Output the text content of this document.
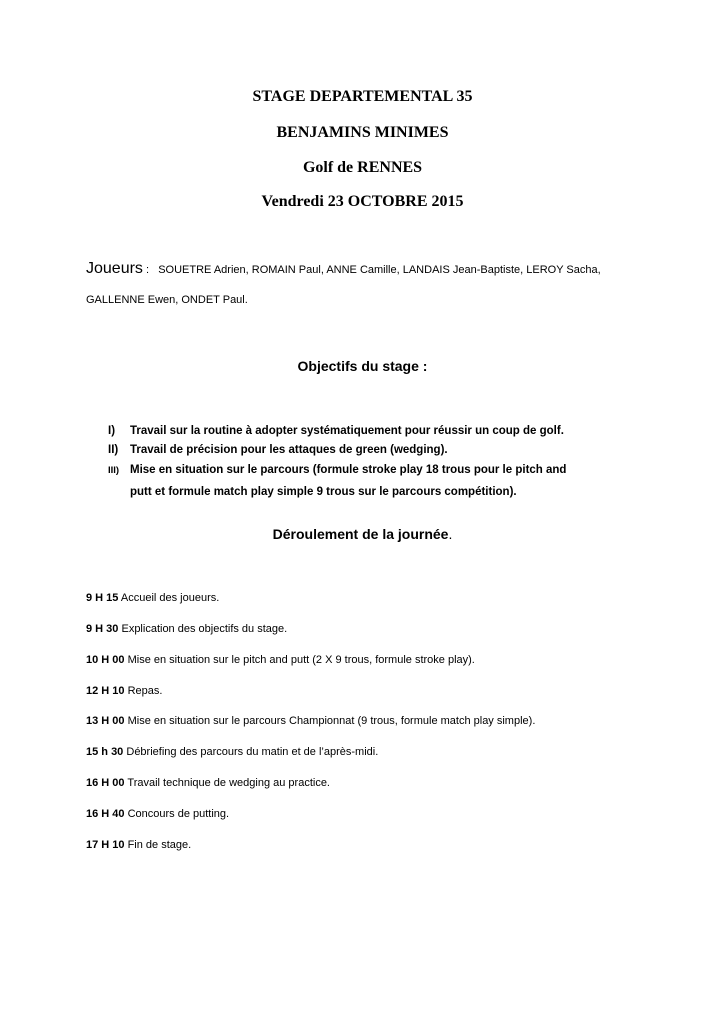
STAGE DEPARTEMENTAL 35
BENJAMINS MINIMES
Golf de RENNES
Vendredi 23 OCTOBRE 2015
Joueurs : SOUETRE Adrien, ROMAIN Paul, ANNE Camille, LANDAIS Jean-Baptiste, LEROY Sacha,
GALLENNE Ewen, ONDET Paul.
Objectifs du stage :
I) Travail sur la routine à adopter systématiquement pour réussir un coup de golf.
II) Travail de précision pour les attaques de green (wedging).
III) Mise en situation sur le parcours (formule stroke play 18 trous pour le pitch and
putt et formule match play simple 9 trous sur le parcours compétition).
Déroulement de la journée.
9 H 15 Accueil des joueurs.
9 H 30 Explication des objectifs du stage.
10 H 00 Mise en situation sur le pitch and putt (2 X 9 trous, formule stroke play).
12 H 10 Repas.
13 H 00 Mise en situation sur le parcours Championnat (9 trous, formule match play simple).
15 h 30 Débriefing des parcours du matin et de l’après-midi.
16 H 00 Travail technique de wedging au practice.
16 H 40 Concours de putting.
17 H 10 Fin de stage.
